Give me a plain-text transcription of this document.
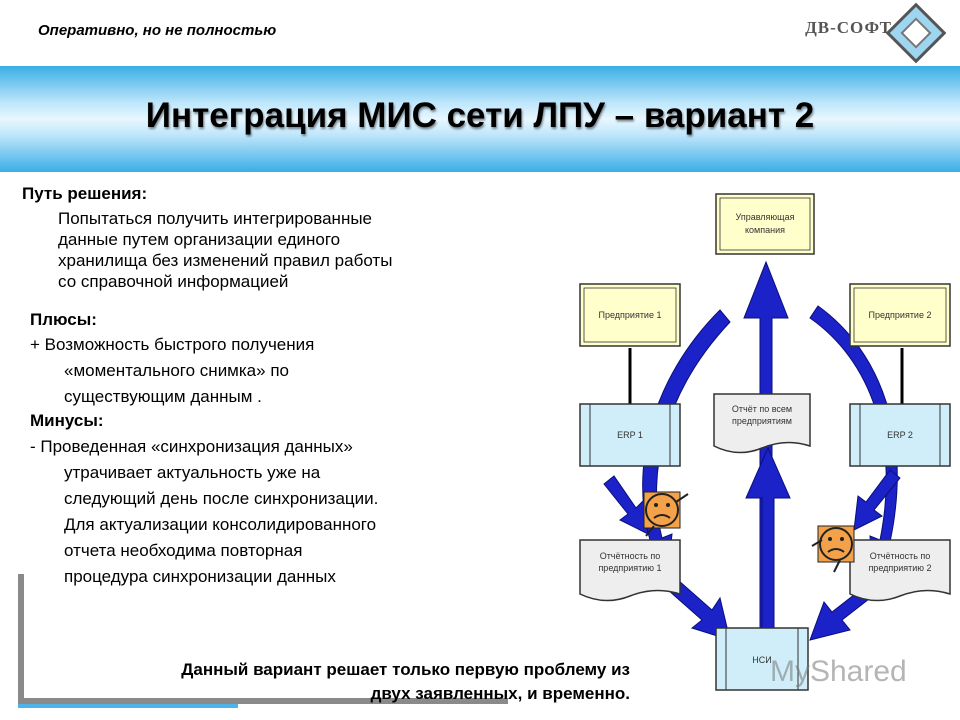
Оперативно, но не полностью	ДВ-СОФТ
Интеграция МИС сети ЛПУ – вариант 2
Путь решения:
Попытаться получить интегрированные
данные путем организации единого
хранилища без изменений правил работы
со справочной информацией
Плюсы:
+ Возможность быстрого получения
«моментального снимка» по
существующим данным .
Минусы:
- Проведенная «синхронизация данных»
утрачивает актуальность уже на
следующий день после синхронизации.
Для актуализации консолидированного
отчета необходима повторная
процедура синхронизации данных
Данный вариант решает только первую проблему из
двух заявленных, и временно.
Управляющая
компания
Предприятие 1	Предприятие 2
ERP 1	ERP 2
Отчёт по всем
предприятиям
Отчётность по
предприятию 1
Отчётность по
предприятию 2
НСИ
MyShared
